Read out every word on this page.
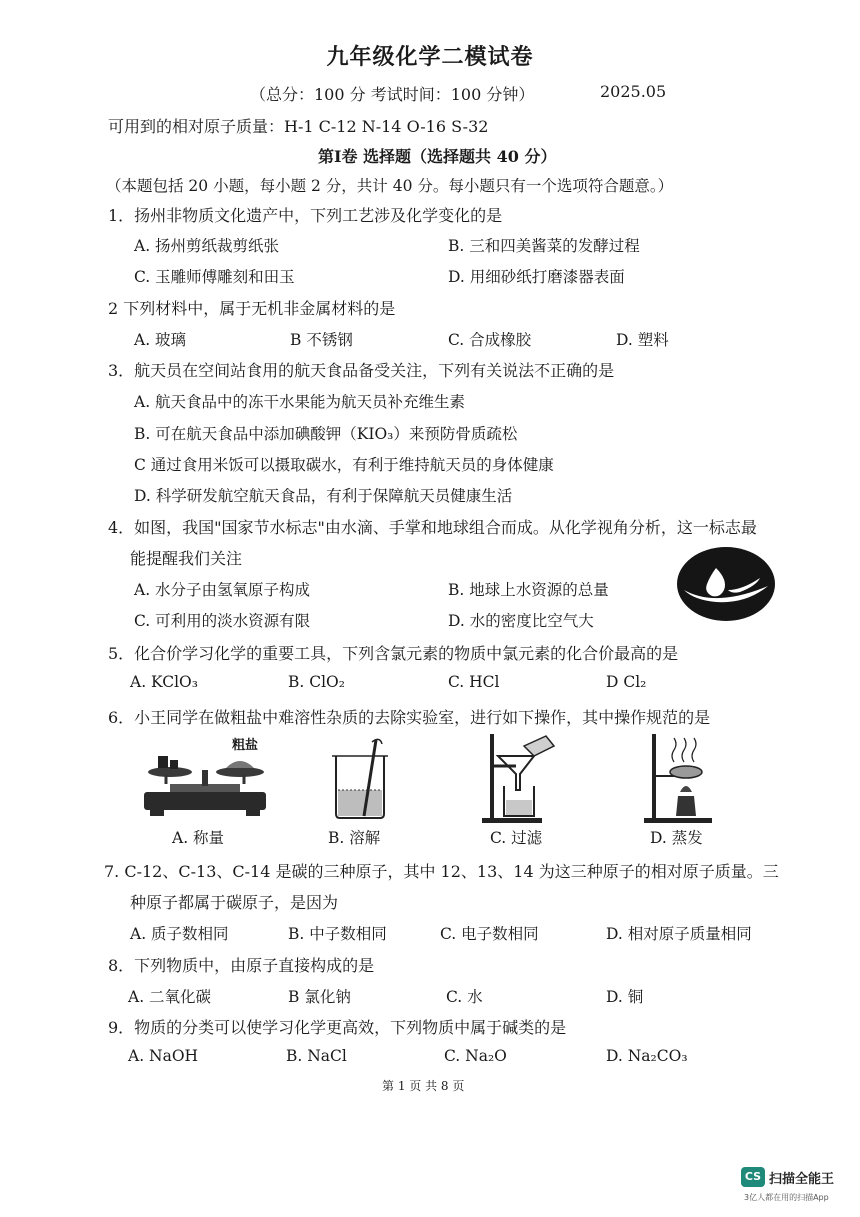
九年级化学二模试卷
（总分：100 分 考试时间：100 分钟）	2025.05
可用到的相对原子质量：H-1 C-12 N-14 O-16 S-32
第Ⅰ卷 选择题（选择题共 40 分）
（本题包括 20 小题，每小题 2 分，共计 40 分。每小题只有一个选项符合题意。）
1．扬州非物质文化遗产中，下列工艺涉及化学变化的是
A. 扬州剪纸裁剪纸张	B. 三和四美酱菜的发酵过程
C. 玉雕师傅雕刻和田玉	D. 用细砂纸打磨漆器表面
2 下列材料中，属于无机非金属材料的是
A. 玻璃	B 不锈钢	C. 合成橡胶	D. 塑料
3．航天员在空间站食用的航天食品备受关注，下列有关说法不正确的是
A. 航天食品中的冻干水果能为航天员补充维生素
B. 可在航天食品中添加碘酸钾（KIO₃）来预防骨质疏松
C 通过食用米饭可以摄取碳水，有利于维持航天员的身体健康
D. 科学研发航空航天食品，有利于保障航天员健康生活
4．如图，我国"国家节水标志"由水滴、手掌和地球组合而成。从化学视角分析，这一标志最
能提醒我们关注
A. 水分子由氢氧原子构成	B. 地球上水资源的总量
C. 可利用的淡水资源有限	D. 水的密度比空气大
5．化合价学习化学的重要工具，下列含氯元素的物质中氯元素的化合价最高的是
A. KClO₃	B. ClO₂	C. HCl	D Cl₂
6．小王同学在做粗盐中难溶性杂质的去除实验室，进行如下操作，其中操作规范的是
粗盐
A. 称量	B. 溶解	C. 过滤	D. 蒸发
7. C-12、C-13、C-14 是碳的三种原子，其中 12、13、14 为这三种原子的相对原子质量。三
种原子都属于碳原子，是因为
A. 质子数相同	B. 中子数相同	C. 电子数相同	D. 相对原子质量相同
8．下列物质中，由原子直接构成的是
A. 二氧化碳	B 氯化钠	C. 水	D. 铜
9．物质的分类可以使学习化学更高效，下列物质中属于碱类的是
A. NaOH	B. NaCl	C. Na₂O	D. Na₂CO₃
第 1 页 共 8 页
CS 扫描全能王
3亿人都在用的扫描App
